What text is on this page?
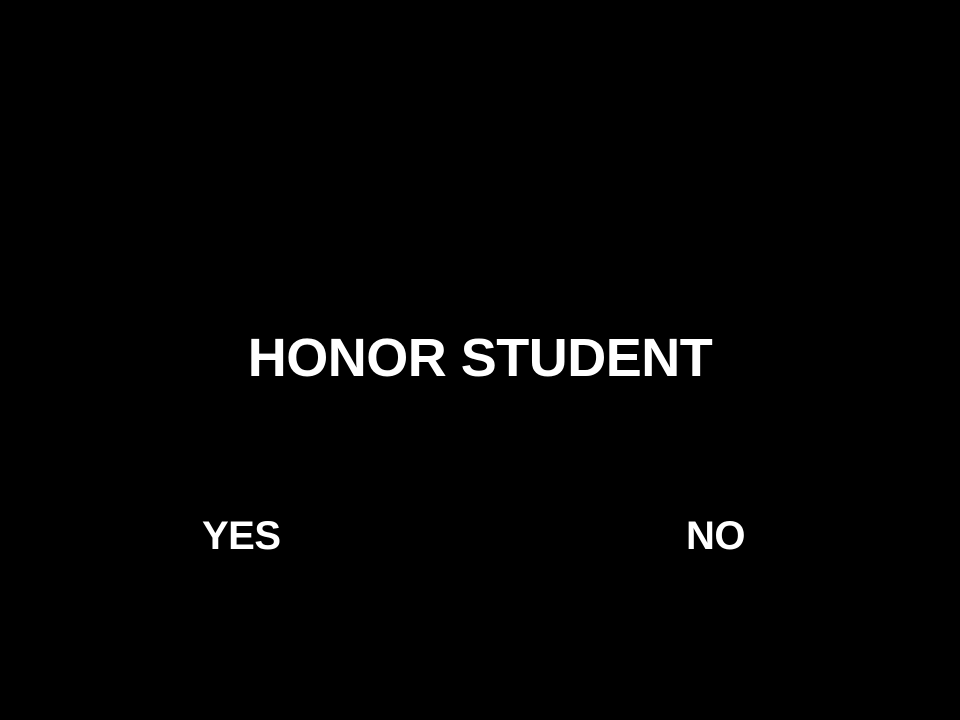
HONOR STUDENT
YES	NO
